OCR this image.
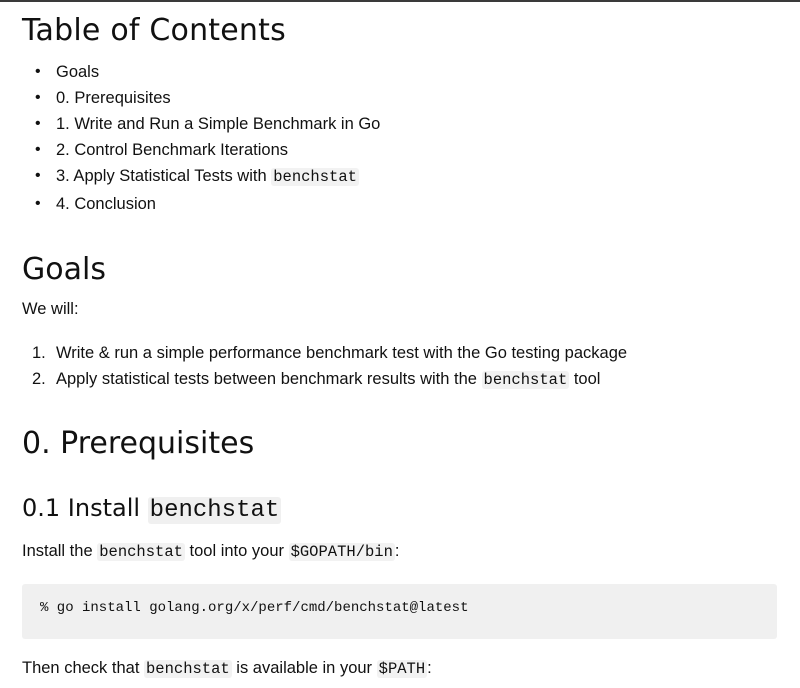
Table of Contents
• Goals
• 0. Prerequisites
• 1. Write and Run a Simple Benchmark in Go
• 2. Control Benchmark Iterations
• 3. Apply Statistical Tests with benchstat
• 4. Conclusion
Goals

We will:

1. Write & run a simple performance benchmark test with the Go testing package
2. Apply statistical tests between benchmark results with the benchstat tool
0. Prerequisites
0.1 Install benchstat

Install the benchstat tool into your $GOPATH/bin :

% go install golang.org/x/perf/cmd/benchstat@latest

Then check that benchstat is available in your $PATH :
